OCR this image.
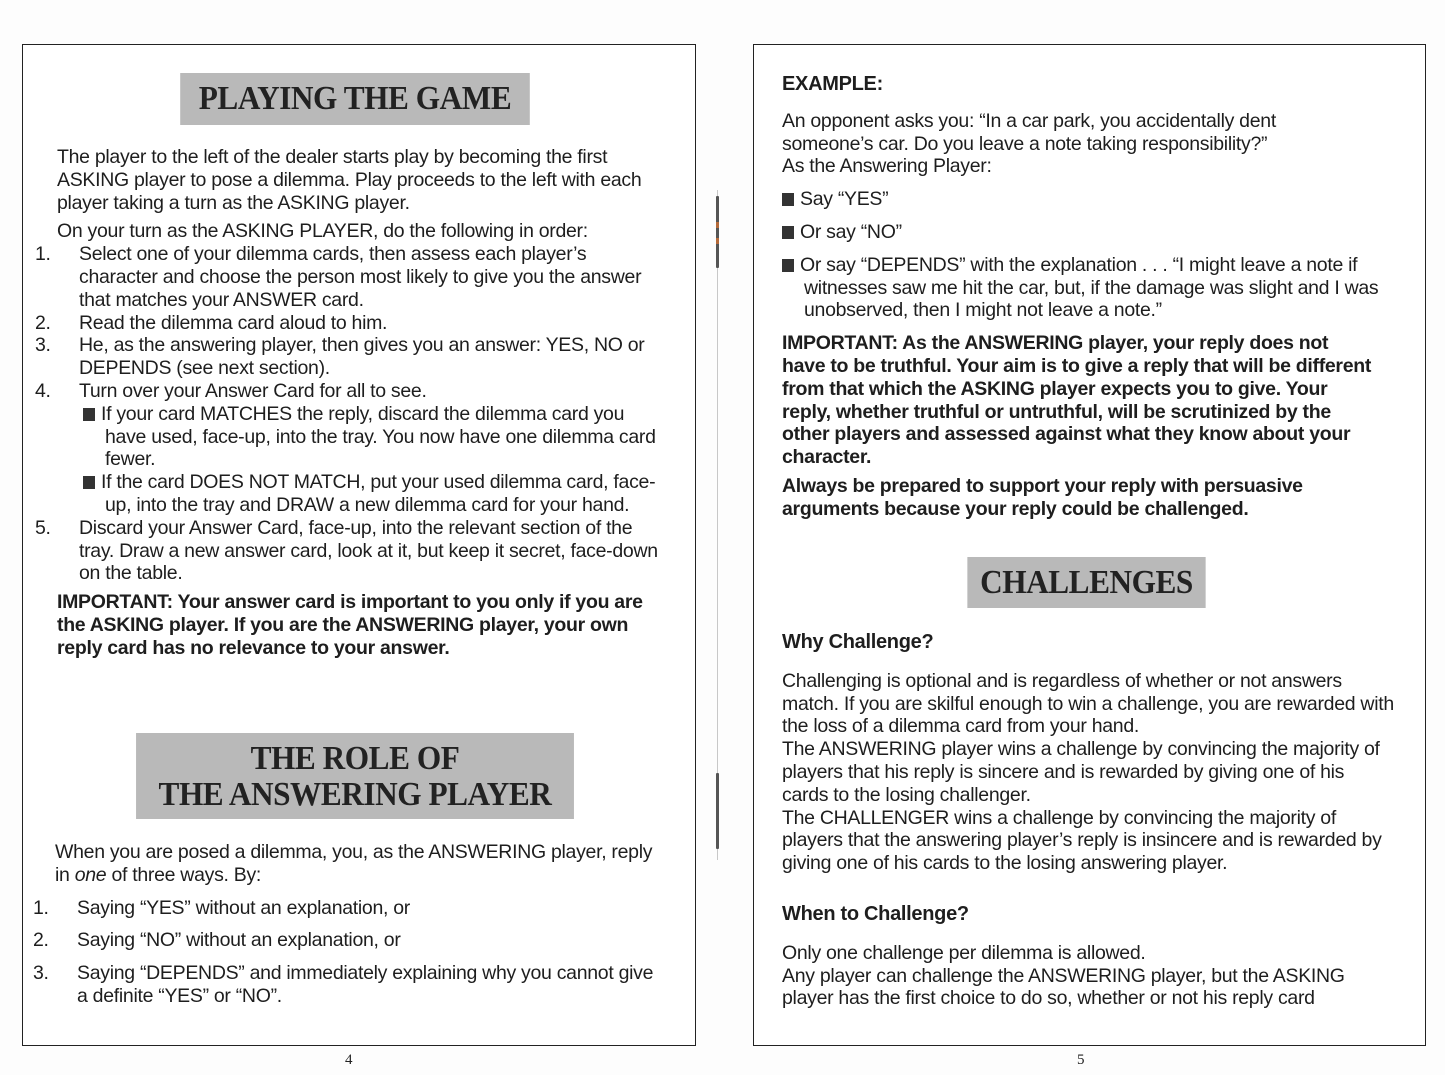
PLAYING THE GAME

The player to the left of the dealer starts play by becoming the first ASKING player to pose a dilemma. Play proceeds to the left with each player taking a turn as the ASKING player.

On your turn as the ASKING PLAYER, do the following in order:

1. Select one of your dilemma cards, then assess each player’s character and choose the person most likely to give you the answer that matches your ANSWER card.
2. Read the dilemma card aloud to him.
3. He, as the answering player, then gives you an answer: YES, NO or DEPENDS (see next section).
4. Turn over your Answer Card for all to see.
If your card MATCHES the reply, discard the dilemma card you have used, face-up, into the tray. You now have one dilemma card fewer.
If the card DOES NOT MATCH, put your used dilemma card, face-up, into the tray and DRAW a new dilemma card for your hand.
5. Discard your Answer Card, face-up, into the relevant section of the tray. Draw a new answer card, look at it, but keep it secret, face-down on the table.

IMPORTANT: Your answer card is important to you only if you are the ASKING player. If you are the ANSWERING player, your own reply card has no relevance to your answer.

THE ROLE OF
THE ANSWERING PLAYER

When you are posed a dilemma, you, as the ANSWERING player, reply in one of three ways. By:

1. Saying “YES” without an explanation, or
2. Saying “NO” without an explanation, or
3. Saying “DEPENDS” and immediately explaining why you cannot give a definite “YES” or “NO”.
4

EXAMPLE:

An opponent asks you: “In a car park, you accidentally dent someone’s car. Do you leave a note taking responsibility?”

As the Answering Player:

Say “YES”
Or say “NO”
Or say “DEPENDS” with the explanation . . . “I might leave a note if witnesses saw me hit the car, but, if the damage was slight and I was unobserved, then I might not leave a note.”

IMPORTANT: As the ANSWERING player, your reply does not have to be truthful. Your aim is to give a reply that will be different from that which the ASKING player expects you to give. Your reply, whether truthful or untruthful, will be scrutinized by the other players and assessed against what they know about your character.

Always be prepared to support your reply with persuasive arguments because your reply could be challenged.

CHALLENGES

Why Challenge?

Challenging is optional and is regardless of whether or not answers match. If you are skilful enough to win a challenge, you are rewarded with the loss of a dilemma card from your hand.

The ANSWERING player wins a challenge by convincing the majority of players that his reply is sincere and is rewarded by giving one of his cards to the losing challenger.

The CHALLENGER wins a challenge by convincing the majority of players that the answering player’s reply is insincere and is rewarded by giving one of his cards to the losing answering player.

When to Challenge?

Only one challenge per dilemma is allowed.

Any player can challenge the ANSWERING player, but the ASKING player has the first choice to do so, whether or not his reply card

5
